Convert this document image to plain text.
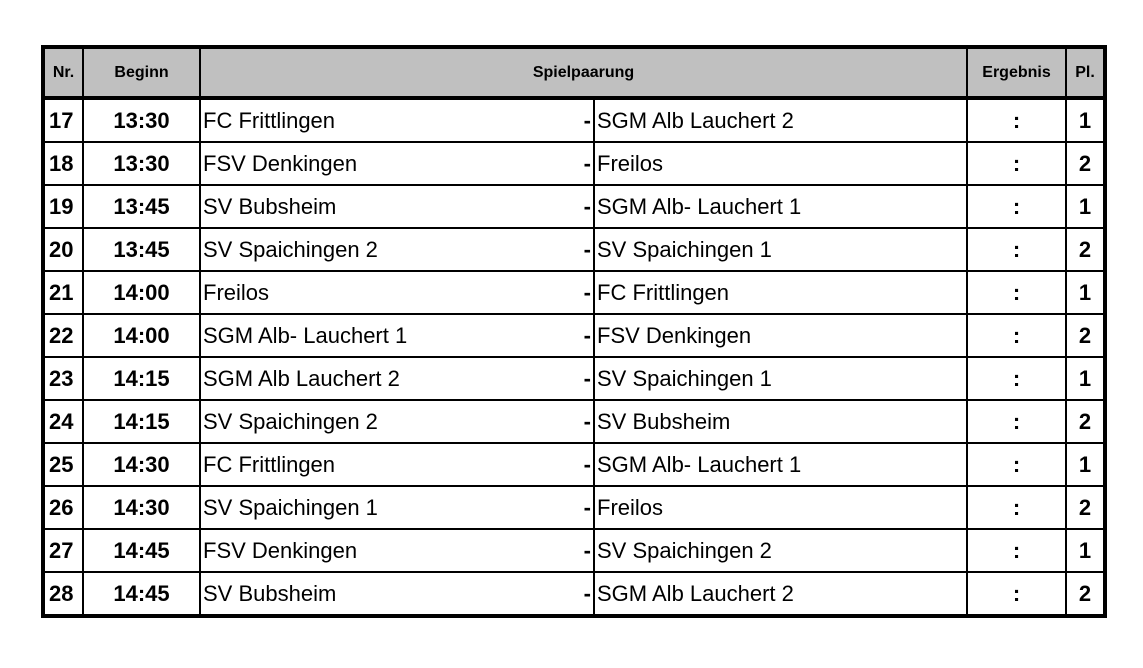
Nr.	Beginn	Spielpaarung		Ergebnis	Pl.
17	13:30	FC Frittlingen -	SGM Alb Lauchert 2	:	1
18	13:30	FSV Denkingen -	Freilos	:	2
19	13:45	SV Bubsheim -	SGM Alb- Lauchert 1	:	1
20	13:45	SV Spaichingen 2 -	SV Spaichingen 1	:	2
21	14:00	Freilos -	FC Frittlingen	:	1
22	14:00	SGM Alb- Lauchert 1 -	FSV Denkingen	:	2
23	14:15	SGM Alb Lauchert 2 -	SV Spaichingen 1	:	1
24	14:15	SV Spaichingen 2 -	SV Bubsheim	:	2
25	14:30	FC Frittlingen -	SGM Alb- Lauchert 1	:	1
26	14:30	SV Spaichingen 1 -	Freilos	:	2
27	14:45	FSV Denkingen -	SV Spaichingen 2	:	1
28	14:45	SV Bubsheim -	SGM Alb Lauchert 2	:	2
